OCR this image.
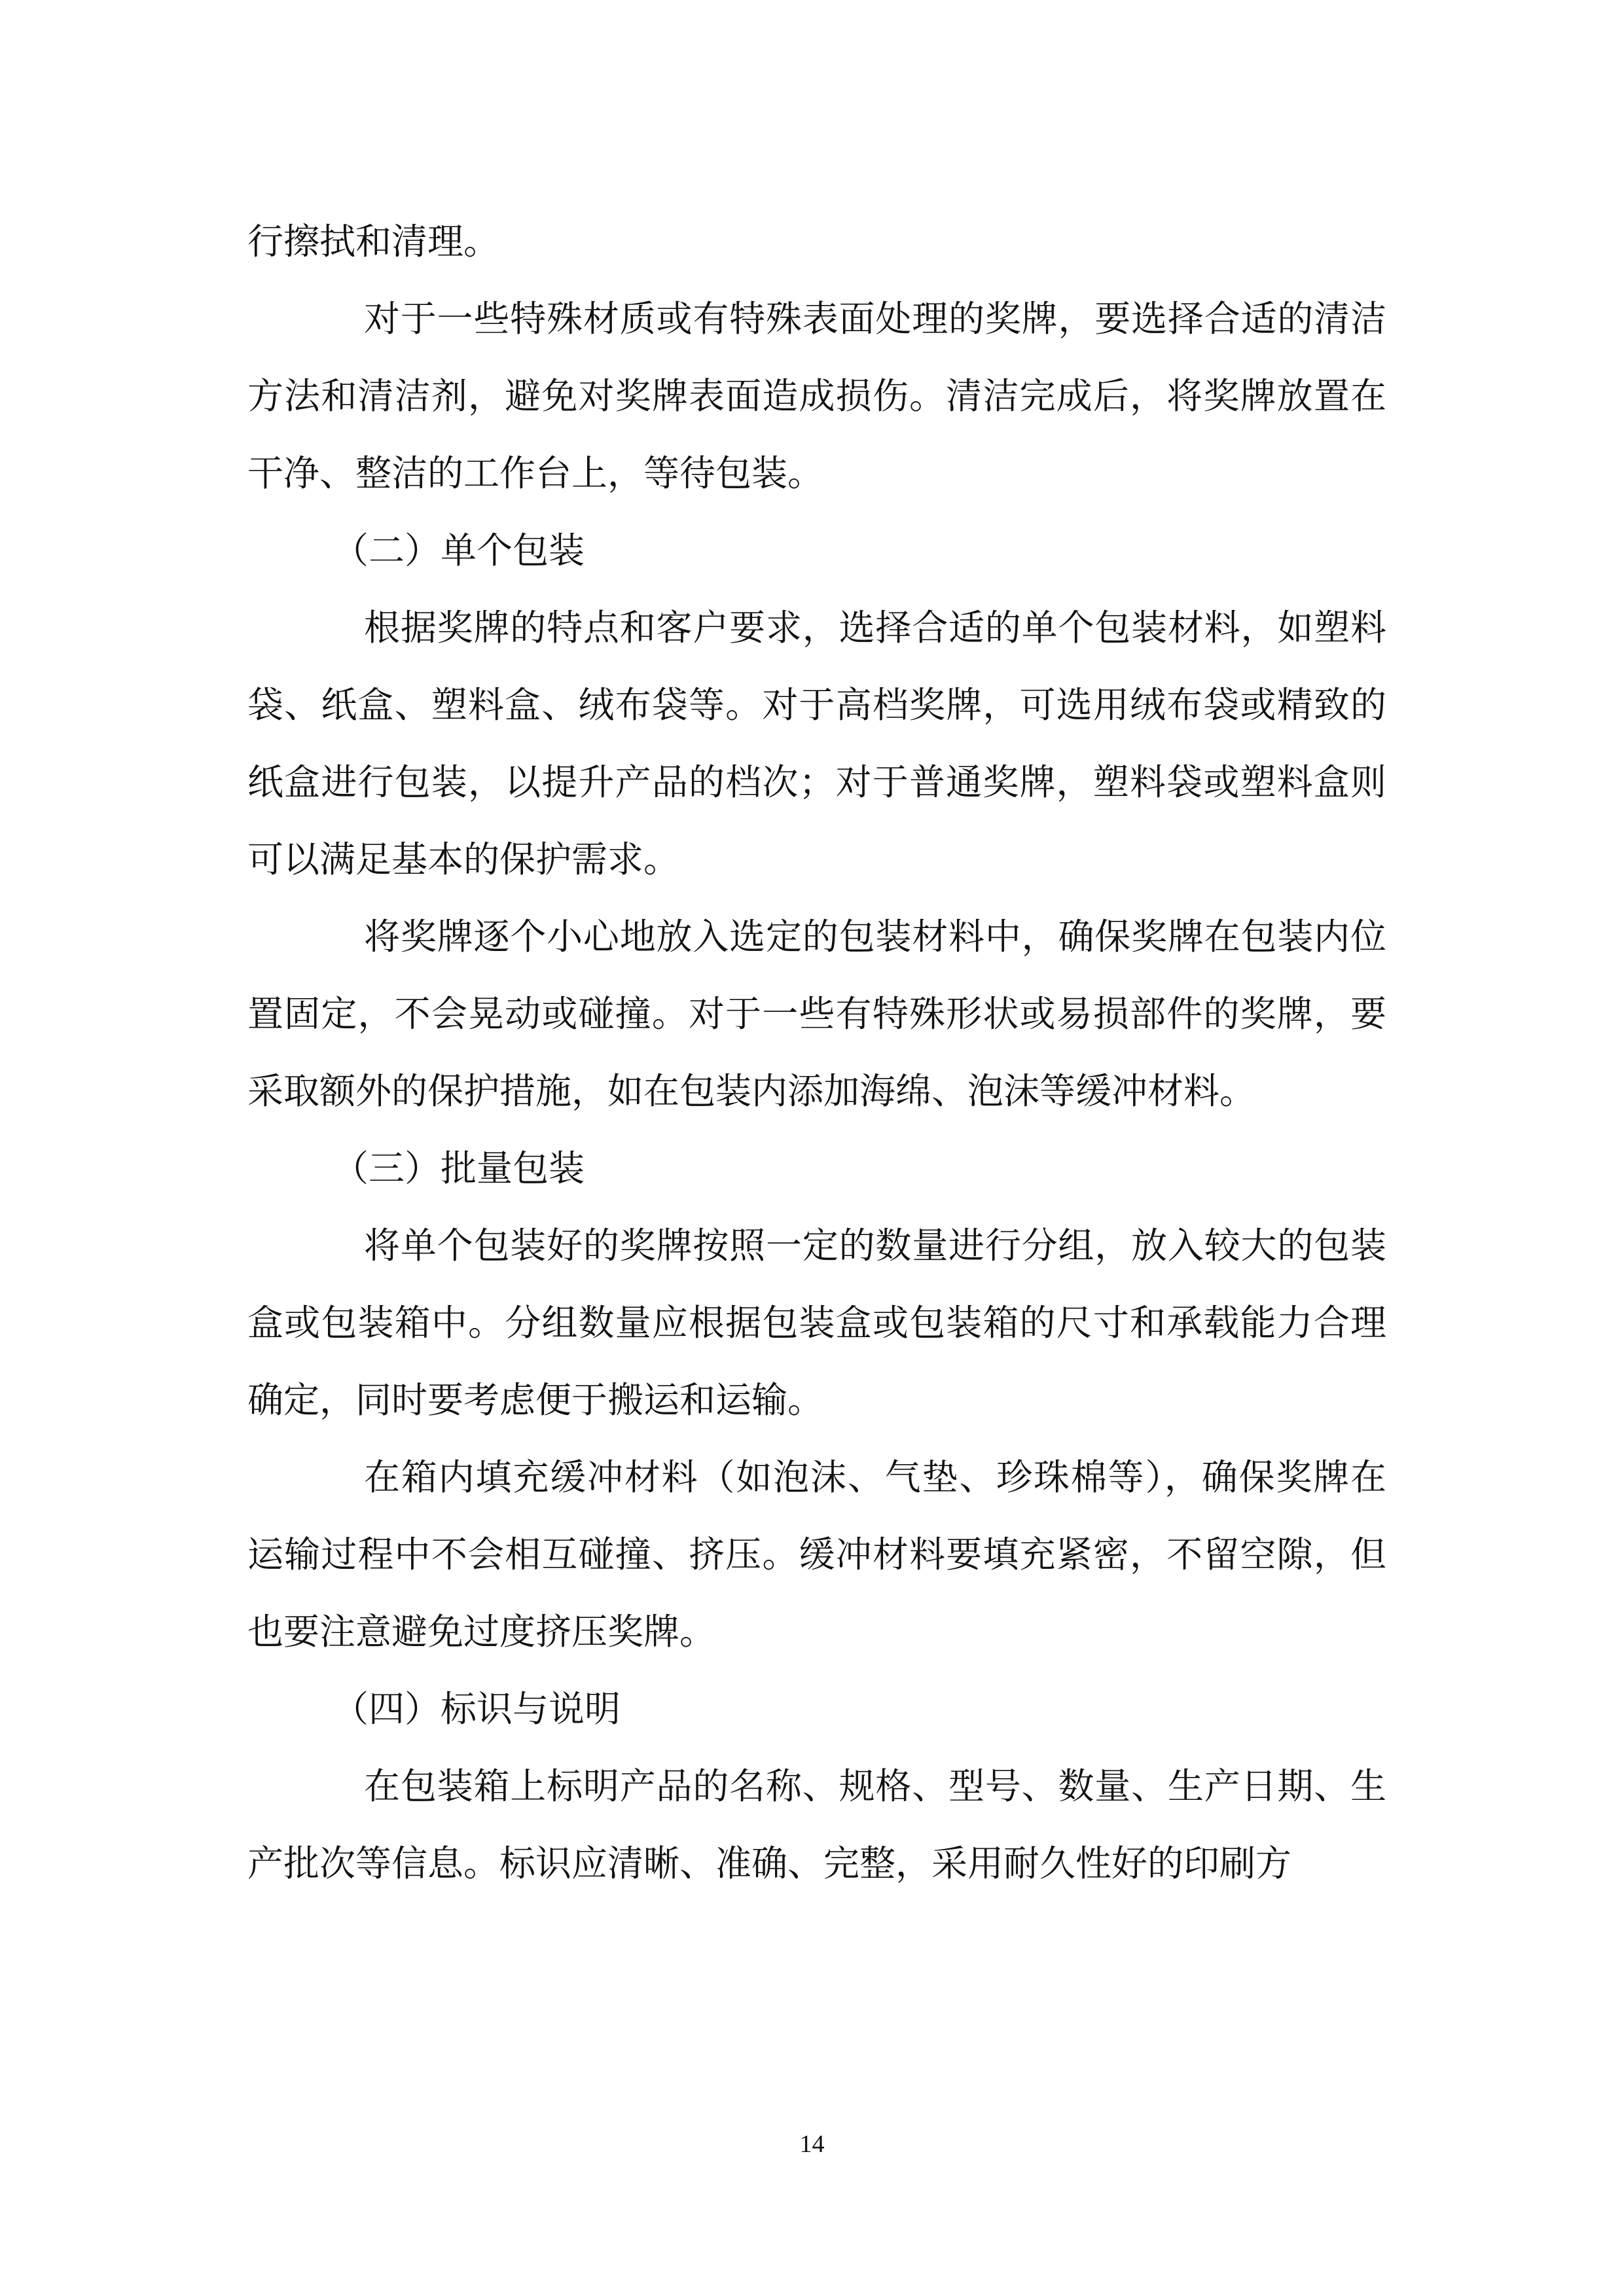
行擦拭和清理。

对于一些特殊材质或有特殊表面处理的奖牌，要选择合适的清洁方法和清洁剂，避免对奖牌表面造成损伤。清洁完成后，将奖牌放置在干净、整洁的工作台上，等待包装。

（二）单个包装

根据奖牌的特点和客户要求，选择合适的单个包装材料，如塑料袋、纸盒、塑料盒、绒布袋等。对于高档奖牌，可选用绒布袋或精致的纸盒进行包装，以提升产品的档次；对于普通奖牌，塑料袋或塑料盒则可以满足基本的保护需求。

将奖牌逐个小心地放入选定的包装材料中，确保奖牌在包装内位置固定，不会晃动或碰撞。对于一些有特殊形状或易损部件的奖牌，要采取额外的保护措施，如在包装内添加海绵、泡沫等缓冲材料。

（三）批量包装

将单个包装好的奖牌按照一定的数量进行分组，放入较大的包装盒或包装箱中。分组数量应根据包装盒或包装箱的尺寸和承载能力合理确定，同时要考虑便于搬运和运输。

在箱内填充缓冲材料（如泡沫、气垫、珍珠棉等），确保奖牌在运输过程中不会相互碰撞、挤压。缓冲材料要填充紧密，不留空隙，但也要注意避免过度挤压奖牌。

（四）标识与说明

在包装箱上标明产品的名称、规格、型号、数量、生产日期、生产批次等信息。标识应清晰、准确、完整，采用耐久性好的印刷方

14
